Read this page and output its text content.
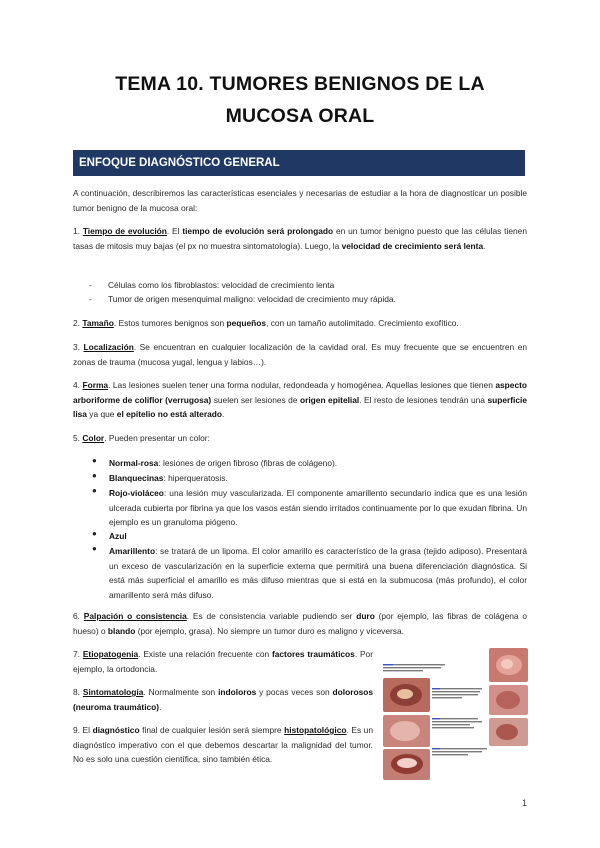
TEMA 10. TUMORES BENIGNOS DE LA
MUCOSA ORAL
ENFOQUE DIAGNÓSTICO GENERAL
A continuación, describiremos las características esenciales y necesarias de estudiar a la hora de diagnosticar un posible tumor benigno de la mucosa oral:
1. Tiempo de evolución. El tiempo de evolución será prolongado en un tumor benigno puesto que las células tienen tasas de mitosis muy bajas (el px no muestra sintomatología). Luego, la velocidad de crecimiento será lenta.
- Células como los fibroblastos: velocidad de crecimiento lenta
- Tumor de origen mesenquimal maligno: velocidad de crecimiento muy rápida.
2. Tamaño. Estos tumores benignos son pequeños, con un tamaño autolimitado. Crecimiento exofítico.
3. Localización. Se encuentran en cualquier localización de la cavidad oral. Es muy frecuente que se encuentren en zonas de trauma (mucosa yugal, lengua y labios…).
4. Forma. Las lesiones suelen tener una forma nodular, redondeada y homogénea. Aquellas lesiones que tienen aspecto arboriforme de coliflor (verrugosa) suelen ser lesiones de origen epitelial. El resto de lesiones tendrán una superficie lisa ya que el epitelio no está alterado.
5. Color. Pueden presentar un color:
● Normal-rosa: lesiones de origen fibroso (fibras de colágeno).
● Blanquecinas: hiperqueratosis.
● Rojo-violáceo: una lesión muy vascularizada. El componente amarillento secundario indica que es una lesión ulcerada cubierta por fibrina ya que los vasos están siendo irritados continuamente por lo que exudan fibrina. Un ejemplo es un granuloma piógeno.
● Azul
● Amarillento: se tratará de un lipoma. El color amarillo es característico de la grasa (tejido adiposo). Presentará un exceso de vascularización en la superficie externa que permitirá una buena diferenciación diagnóstica. Si está más superficial el amarillo es más difuso mientras que si está en la submucosa (más profundo), el color amarillento será más difuso.
6. Palpación o consistencia. Es de consistencia variable pudiendo ser duro (por ejemplo, las fibras de colágena o hueso) o blando (por ejemplo, grasa). No siempre un tumor duro es maligno y viceversa.
7. Etiopatogenia. Existe una relación frecuente con factores traumáticos. Por ejemplo, la ortodoncia.
8. Sintomatología. Normalmente son indoloros y pocas veces son dolorosos (neuroma traumático).
9. El diagnóstico final de cualquier lesión será siempre histopatológico. Es un diagnóstico imperativo con el que debemos descartar la malignidad del tumor. No es solo una cuestión científica, sino también ética.
1
